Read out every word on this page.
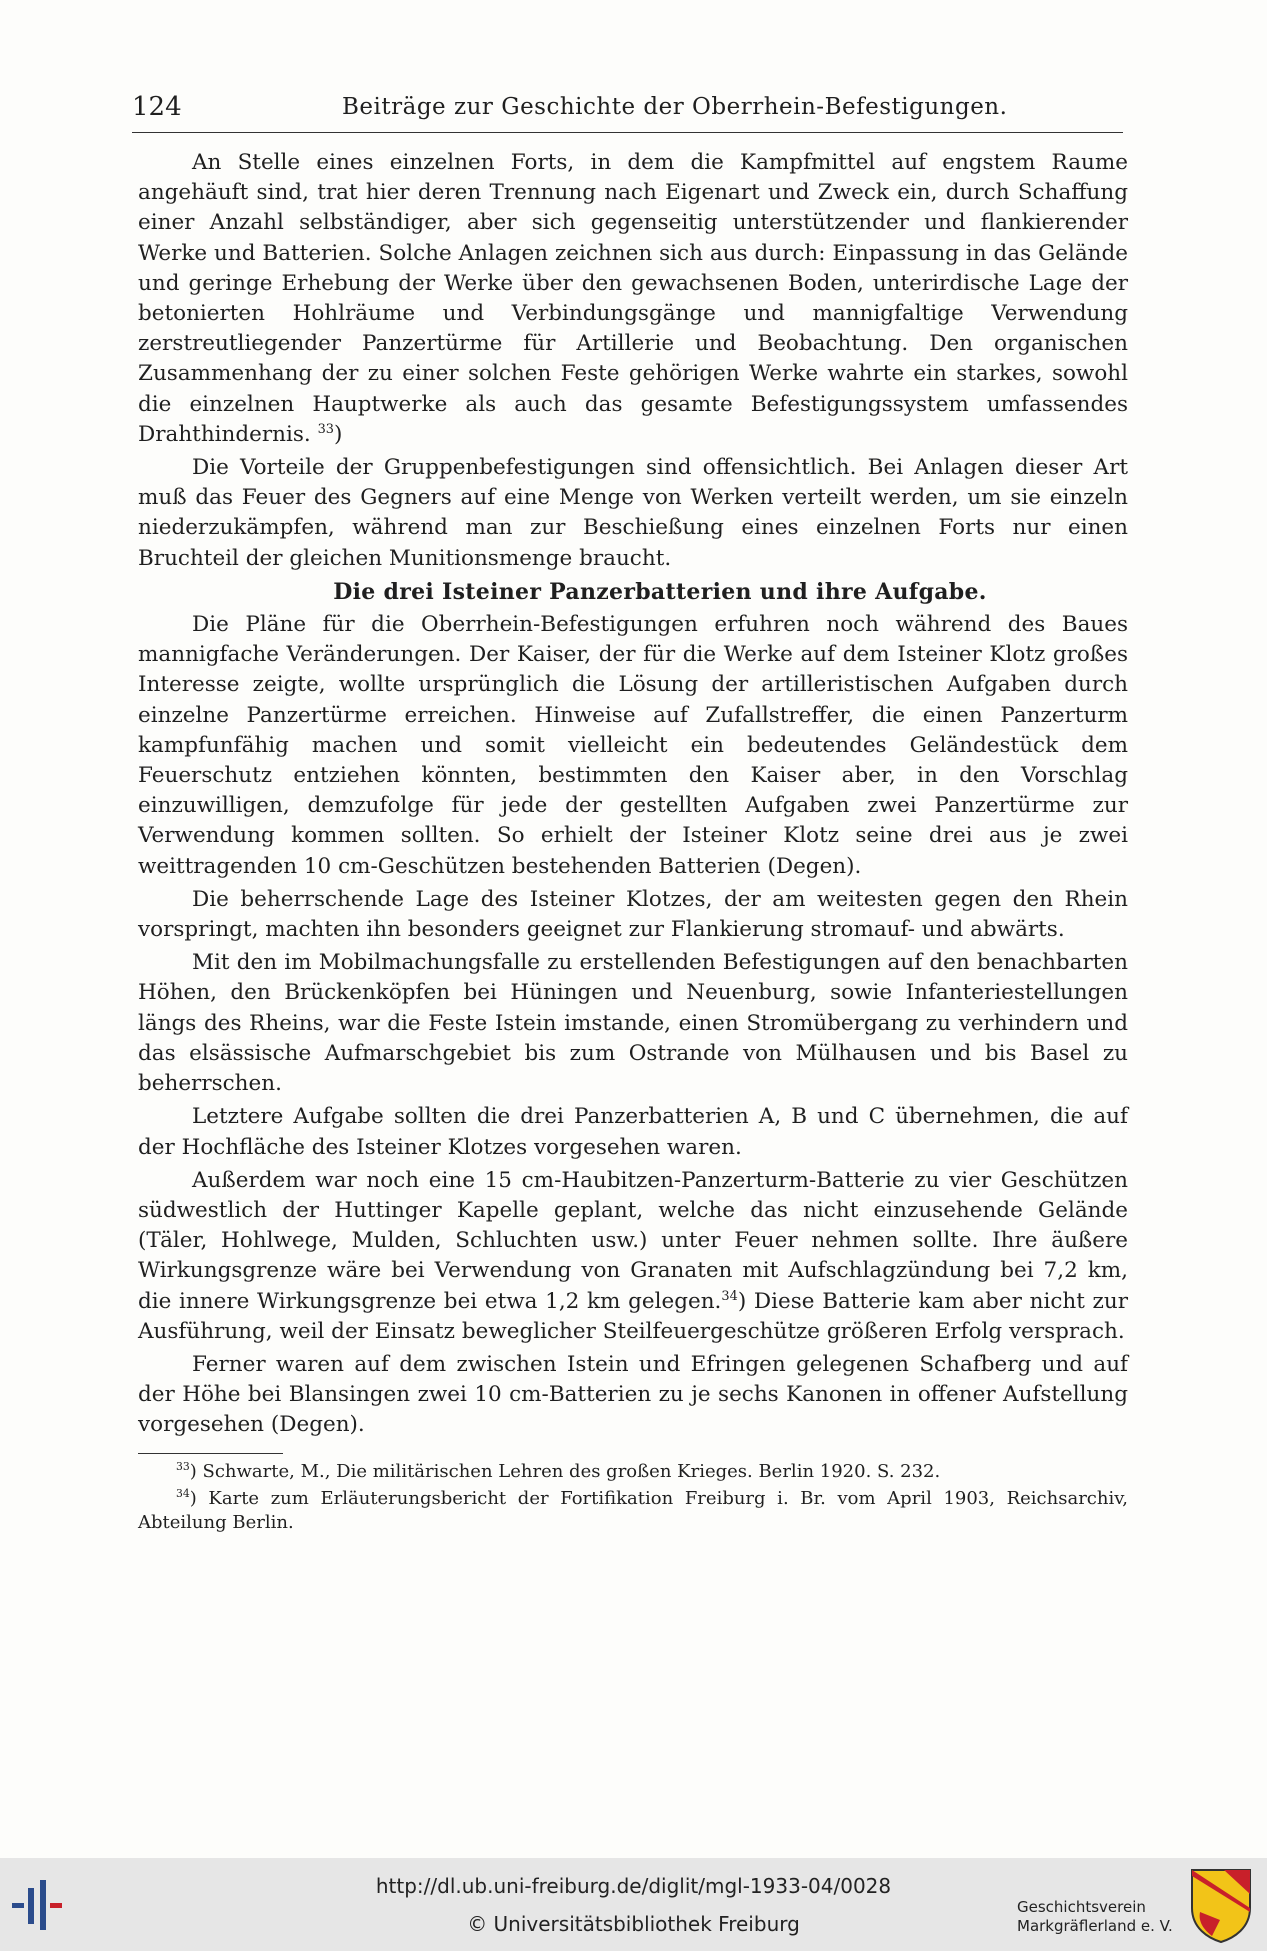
124	Beiträge zur Geschichte der Oberrhein-Befestigungen.

An Stelle eines einzelnen Forts, in dem die Kampfmittel auf engstem Raume angehäuft sind, trat hier deren Trennung nach Eigenart und Zweck ein, durch Schaffung einer Anzahl selbständiger, aber sich gegenseitig unterstützender und flankierender Werke und Batterien. Solche Anlagen zeichnen sich aus durch: Einpassung in das Gelände und geringe Erhebung der Werke über den gewachsenen Boden, unterirdische Lage der betonierten Hohlräume und Verbindungsgänge und mannigfaltige Verwendung zerstreutliegender Panzertürme für Artillerie und Beobachtung. Den organischen Zusammenhang der zu einer solchen Feste gehörigen Werke wahrte ein starkes, sowohl die einzelnen Hauptwerke als auch das gesamte Befestigungssystem umfassendes Drahthindernis. $^{33}$)

Die Vorteile der Gruppenbefestigungen sind offensichtlich. Bei Anlagen dieser Art muß das Feuer des Gegners auf eine Menge von Werken verteilt werden, um sie einzeln niederzukämpfen, während man zur Beschießung eines einzelnen Forts nur einen Bruchteil der gleichen Munitionsmenge braucht.

Die drei Isteiner Panzerbatterien und ihre Aufgabe.

Die Pläne für die Oberrhein-Befestigungen erfuhren noch während des Baues mannigfache Veränderungen. Der Kaiser, der für die Werke auf dem Isteiner Klotz großes Interesse zeigte, wollte ursprünglich die Lösung der artilleristischen Aufgaben durch einzelne Panzertürme erreichen. Hinweise auf Zufallstreffer, die einen Panzerturm kampfunfähig machen und somit vielleicht ein bedeutendes Geländestück dem Feuerschutz entziehen könnten, bestimmten den Kaiser aber, in den Vorschlag einzuwilligen, demzufolge für jede der gestellten Aufgaben zwei Panzertürme zur Verwendung kommen sollten. So erhielt der Isteiner Klotz seine drei aus je zwei weittragenden 10 cm-Geschützen bestehenden Batterien (Degen).

Die beherrschende Lage des Isteiner Klotzes, der am weitesten gegen den Rhein vorspringt, machten ihn besonders geeignet zur Flankierung stromauf- und abwärts.

Mit den im Mobilmachungsfalle zu erstellenden Befestigungen auf den benachbarten Höhen, den Brückenköpfen bei Hüningen und Neuenburg, sowie Infanteriestellungen längs des Rheins, war die Feste Istein imstande, einen Stromübergang zu verhindern und das elsässische Aufmarschgebiet bis zum Ostrande von Mülhausen und bis Basel zu beherrschen.

Letztere Aufgabe sollten die drei Panzerbatterien A, B und C übernehmen, die auf der Hochfläche des Isteiner Klotzes vorgesehen waren.

Außerdem war noch eine 15 cm-Haubitzen-Panzerturm-Batterie zu vier Geschützen südwestlich der Huttinger Kapelle geplant, welche das nicht einzusehende Gelände (Täler, Hohlwege, Mulden, Schluchten usw.) unter Feuer nehmen sollte. Ihre äußere Wirkungsgrenze wäre bei Verwendung von Granaten mit Aufschlagzündung bei 7,2 km, die innere Wirkungsgrenze bei etwa 1,2 km gelegen.$^{34}$) Diese Batterie kam aber nicht zur Ausführung, weil der Einsatz beweglicher Steilfeuergeschütze größeren Erfolg versprach.

Ferner waren auf dem zwischen Istein und Efringen gelegenen Schafberg und auf der Höhe bei Blansingen zwei 10 cm-Batterien zu je sechs Kanonen in offener Aufstellung vorgesehen (Degen).

$^{33}$) Schwarte, M., Die militärischen Lehren des großen Krieges. Berlin 1920. S. 232.

$^{34}$) Karte zum Erläuterungsbericht der Fortifikation Freiburg i. Br. vom April 1903, Reichsarchiv, Abteilung Berlin.

http://dl.ub.uni-freiburg.de/diglit/mgl-1933-04/0028
© Universitätsbibliothek Freiburg
Geschichtsverein
Markgräflerland e. V.
